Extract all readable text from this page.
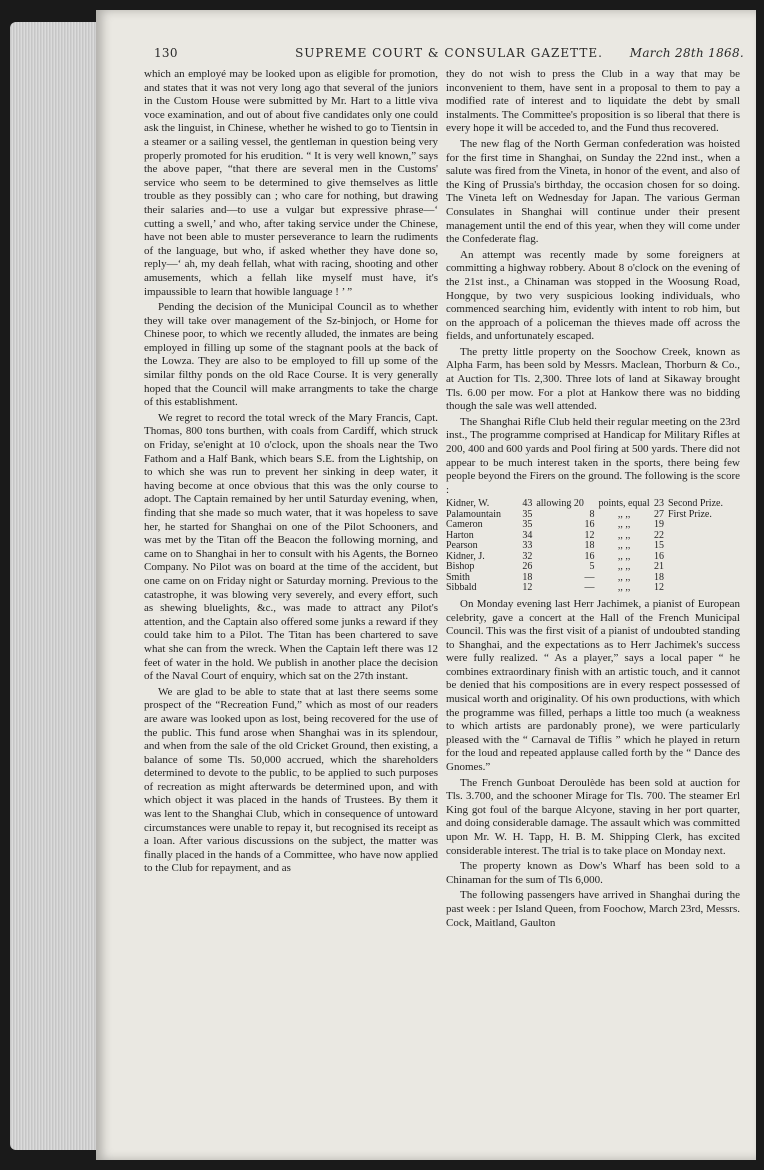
130	SUPREME COURT & CONSULAR GAZETTE.	March 28th 1868.

which an employé may be looked upon as eligible for promotion, and states that it was not very long ago that several of the juniors in the Custom House were submitted by Mr. Hart to a little viva voce examination, and out of about five candidates only one could ask the linguist, in Chinese, whether he wished to go to Tientsin in a steamer or a sailing vessel, the gentleman in question being very properly promoted for his erudition. “ It is very well known,” says the above paper, “that there are several men in the Customs' service who seem to be determined to give themselves as little trouble as they possibly can ; who care for nothing, but drawing their salaries and—to use a vulgar but expressive phrase—‘ cutting a swell,’ and who, after taking service under the Chinese, have not been able to muster perseverance to learn the rudiments of the language, but who, if asked whether they have done so, reply—‘ ah, my deah fellah, what with racing, shooting and other amusements, which a fellah like myself must have, it's impaussible to learn that howible language ! ’ ”

Pending the decision of the Municipal Council as to whether they will take over management of the Sz-binjoch, or Home for Chinese poor, to which we recently alluded, the inmates are being employed in filling up some of the stagnant pools at the back of the Lowza. They are also to be employed to fill up some of the similar filthy ponds on the old Race Course. It is very generally hoped that the Council will make arrangments to take the charge of this establishment.

We regret to record the total wreck of the Mary Francis, Capt. Thomas, 800 tons burthen, with coals from Cardiff, which struck on Friday, se'enight at 10 o'clock, upon the shoals near the Two Fathom and a Half Bank, which bears S.E. from the Lightship, on to which she was run to prevent her sinking in deep water, it having become at once obvious that this was the only course to adopt. The Captain remained by her until Saturday evening, when, finding that she made so much water, that it was hopeless to save her, he started for Shanghai on one of the Pilot Schooners, and was met by the Titan off the Beacon the following morning, and came on to Shanghai in her to consult with his Agents, the Borneo Company. No Pilot was on board at the time of the accident, but one came on on Friday night or Saturday morning. Previous to the catastrophe, it was blowing very severely, and every effort, such as shewing bluelights, &c., was made to attract any Pilot's attention, and the Captain also offered some junks a reward if they could take him to a Pilot. The Titan has been chartered to save what she can from the wreck. When the Captain left there was 12 feet of water in the hold. We publish in another place the decision of the Naval Court of enquiry, which sat on the 27th instant.

We are glad to be able to state that at last there seems some prospect of the “Recreation Fund,” which as most of our readers are aware was looked upon as lost, being recovered for the use of the public. This fund arose when Shanghai was in its splendour, and when from the sale of the old Cricket Ground, then existing, a balance of some Tls. 50,000 accrued, which the shareholders determined to devote to the public, to be applied to such purposes of recreation as might afterwards be determined upon, and with which object it was placed in the hands of Trustees. By them it was lent to the Shanghai Club, which in consequence of untoward circumstances were unable to repay it, but recognised its receipt as a loan. After various discussions on the subject, the matter was finally placed in the hands of a Committee, who have now applied to the Club for repayment, and as

they do not wish to press the Club in a way that may be inconvenient to them, have sent in a proposal to them to pay a modified rate of interest and to liquidate the debt by small instalments. The Committee's proposition is so liberal that there is every hope it will be acceded to, and the Fund thus recovered.

The new flag of the North German confederation was hoisted for the first time in Shanghai, on Sunday the 22nd inst., when a salute was fired from the Vineta, in honor of the event, and also of the King of Prussia's birthday, the occasion chosen for so doing. The Vineta left on Wednesday for Japan. The various German Consulates in Shanghai will continue under their present management until the end of this year, when they will come under the Confederate flag.

An attempt was recently made by some foreigners at committing a highway robbery. About 8 o'clock on the evening of the 21st inst., a Chinaman was stopped in the Woosung Road, Hongque, by two very suspicious looking individuals, who commenced searching him, evidently with intent to rob him, but on the approach of a policeman the thieves made off across the fields, and unfortunately escaped.

The pretty little property on the Soochow Creek, known as Alpha Farm, has been sold by Messrs. Maclean, Thorburn & Co., at Auction for Tls. 2,300. Three lots of land at Sikaway brought Tls. 6.00 per mow. For a plot at Hankow there was no bidding though the sale was well attended.

The Shanghai Rifle Club held their regular meeting on the 23rd inst., The programme comprised at Handicap for Military Rifles at 200, 400 and 600 yards and Pool firing at 500 yards. There did not appear to be much interest taken in the sports, there being few people beyond the Firers on the ground. The following is the score :

Kidner, W.	43	allowing 20	points, equal	23	Second Prize.
Palamountain	35	8	,, ,,	27	First Prize.
Cameron	35	16	,, ,,	19	
Harton	34	12	,, ,,	22	
Pearson	33	18	,, ,,	15	
Kidner, J.	32	16	,, ,,	16	
Bishop	26	5	,, ,,	21	
Smith	18	—	,, ,,	18	
Sibbald	12	—	,, ,,	12	

On Monday evening last Herr Jachimek, a pianist of European celebrity, gave a concert at the Hall of the French Municipal Council. This was the first visit of a pianist of undoubted standing to Shanghai, and the expectations as to Herr Jachimek's success were fully realized. “ As a player,” says a local paper “ he combines extraordinary finish with an artistic touch, and it cannot be denied that his compositions are in every respect possessed of musical worth and originality. Of his own productions, with which the programme was filled, perhaps a little too much (a weakness to which artists are pardonably prone), we were particularly pleased with the “ Carnaval de Tiflis ” which he played in return for the loud and repeated applause called forth by the “ Dance des Gnomes.”

The French Gunboat Deroulède has been sold at auction for Tls. 3.700, and the schooner Mirage for Tls. 700. The steamer Erl King got foul of the barque Alcyone, staving in her port quarter, and doing considerable damage. The assault which was committed upon Mr. W. H. Tapp, H. B. M. Shipping Clerk, has excited considerable interest. The trial is to take place on Monday next.

The property known as Dow's Wharf has been sold to a Chinaman for the sum of Tls 6,000.

The following passengers have arrived in Shanghai during the past week : per Island Queen, from Foochow, March 23rd, Messrs. Cock, Maitland, Gaulton
